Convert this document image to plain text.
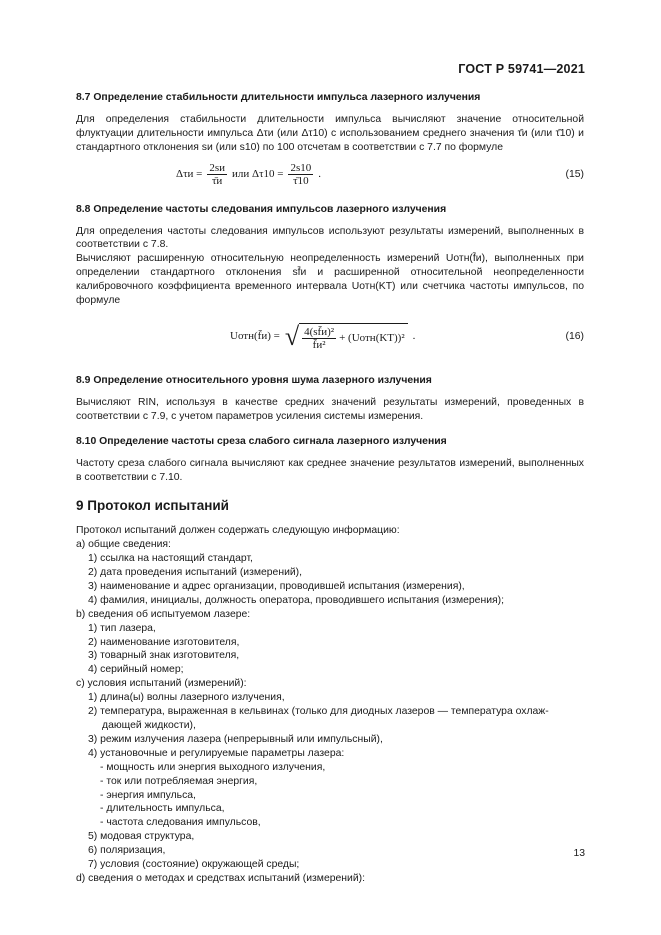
ГОСТ Р 59741—2021

8.7 Определение стабильности длительности импульса лазерного излучения

Для определения стабильности длительности импульса вычисляют значение относительной флуктуации длительности импульса Δτи (или Δτ10) с использованием среднего значения τ̄и (или τ̄10) и стандартного отклонения sи (или s10) по 100 отсчетам в соответствии с 7.7 по формуле

$\Delta\tau и = \frac{2sи}{\taūи}$ или $\Delta\tau 10 = \frac{2s10}{\taū10}$ .	(15)

8.8 Определение частоты следования импульсов лазерного излучения

Для определения частоты следования импульсов используют результаты измерений, выполненных в соответствии с 7.8.

Вычисляют расширенную относительную неопределенность измерений Uотн(f̄и), выполненных при определении стандартного отклонения sf̄и и расширенной относительной неопределенности калибровочного коэффициента временного интервала Uотн(KT) или счетчика частоты импульсов, по формуле

Uотн(f̄и) = √ $\frac{\text{4(sf̄и)²}}{\text{f̄и²}}$ + (Uотн(KT))² .	(16)

8.9 Определение относительного уровня шума лазерного излучения

Вычисляют RIN, используя в качестве средних значений результаты измерений, проведенных в соответствии с 7.9, с учетом параметров усиления системы измерения.

8.10 Определение частоты среза слабого сигнала лазерного излучения

Частоту среза слабого сигнала вычисляют как среднее значение результатов измерений, выполненных в соответствии с 7.10.

9 Протокол испытаний

Протокол испытаний должен содержать следующую информацию:

а) общие сведения:

1) ссылка на настоящий стандарт,

2) дата проведения испытаний (измерений),

3) наименование и адрес организации, проводившей испытания (измерения),

4) фамилия, инициалы, должность оператора, проводившего испытания (измерения);

b) сведения об испытуемом лазере:

1) тип лазера,

2) наименование изготовителя,

3) товарный знак изготовителя,

4) серийный номер;

с) условия испытаний (измерений):

1) длина(ы) волны лазерного излучения,

2) температура, выраженная в кельвинах (только для диодных лазеров — температура охлаж-
дающей жидкости),

3) режим излучения лазера (непрерывный или импульсный),

4) установочные и регулируемые параметры лазера:

- мощность или энергия выходного излучения,

- ток или потребляемая энергия,

- энергия импульса,

- длительность импульса,

- частота следования импульсов,

5) модовая структура,

6) поляризация,

7) условия (состояние) окружающей среды;

d) сведения о методах и средствах испытаний (измерений):

13
